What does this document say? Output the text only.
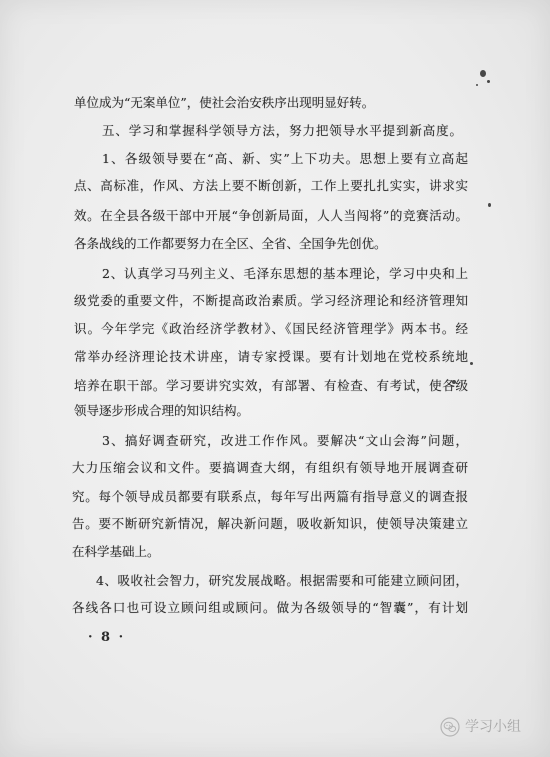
单位成为“无案单位”，使社会治安秩序出现明显好转。
五、学习和掌握科学领导方法，努力把领导水平提到新高度。
1、各级领导要在“高、新、实”上下功夫。思想上要有立高起
点、高标准，作风、方法上要不断创新，工作上要扎扎实实，讲求实
效。在全县各级干部中开展“争创新局面，人人当闯将”的竞赛活动。
各条战线的工作都要努力在全区、全省、全国争先创优。
2、认真学习马列主义、毛泽东思想的基本理论，学习中央和上
级党委的重要文件，不断提高政治素质。学习经济理论和经济管理知
识。今年学完《政治经济学教材》、《国民经济管理学》两本书。经
常举办经济理论技术讲座，请专家授课。要有计划地在党校系统地
培养在职干部。学习要讲究实效，有部署、有检查、有考试，使各级
领导逐步形成合理的知识结构。
3、搞好调查研究，改进工作作风。要解决“文山会海”问题，
大力压缩会议和文件。要搞调查大纲，有组织有领导地开展调查研
究。每个领导成员都要有联系点，每年写出两篇有指导意义的调查报
告。要不断研究新情况，解决新问题，吸收新知识，使领导决策建立
在科学基础上。
4、吸收社会智力，研究发展战略。根据需要和可能建立顾问团，
各线各口也可设立顾问组或顾问。做为各级领导的“智囊”，有计划
· 8 ·
学习小组
